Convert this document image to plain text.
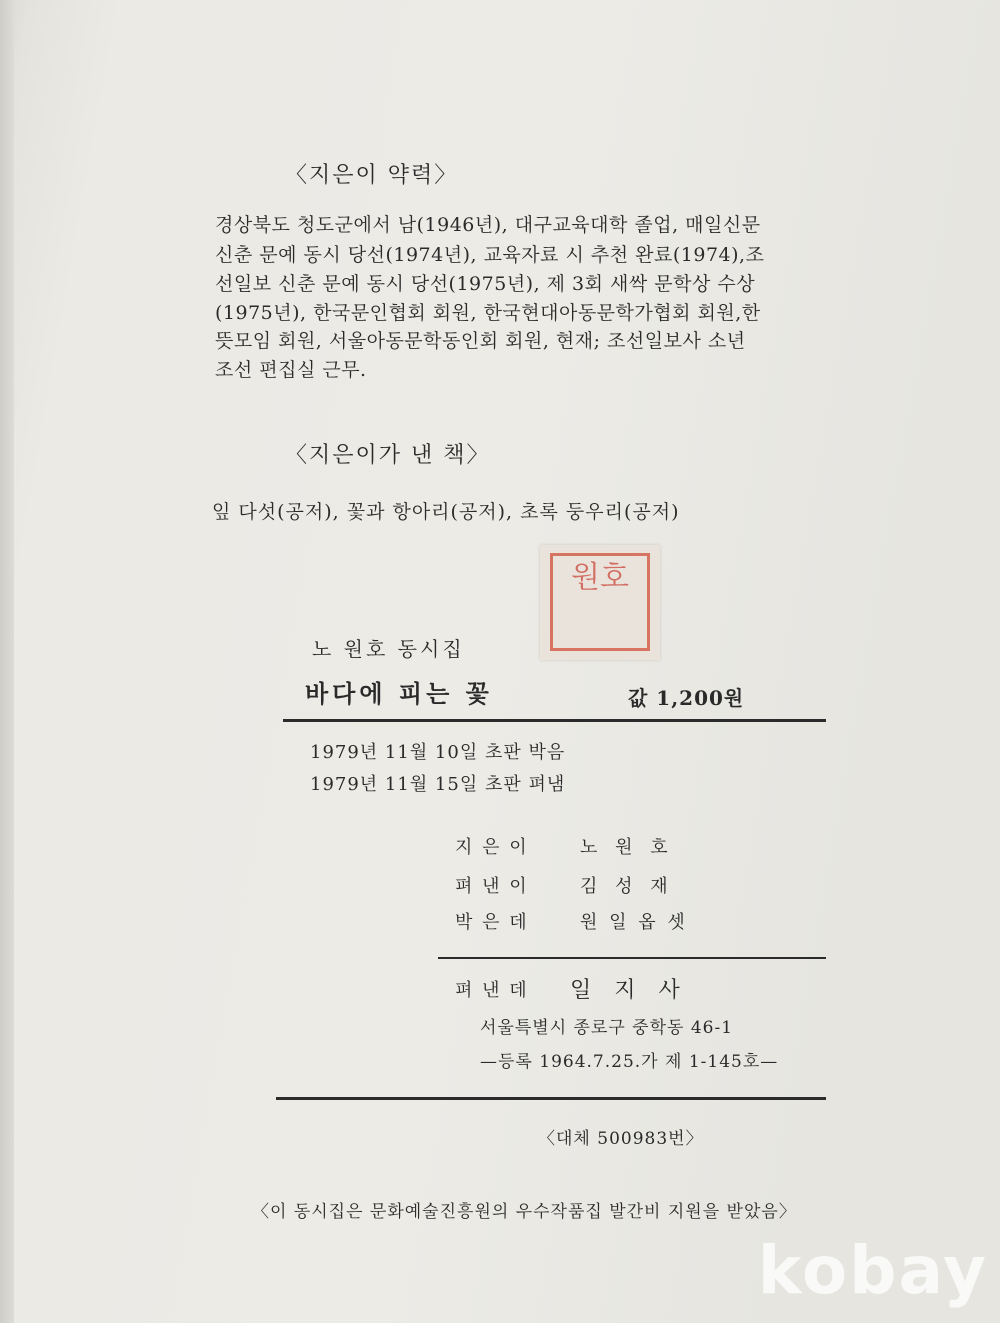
〈지은이 약력〉
경상북도 청도군에서 남(1946년), 대구교육대학 졸업, 매일신문
신춘 문예 동시 당선(1974년), 교육자료 시 추천 완료(1974),조
선일보 신춘 문예 동시 당선(1975년), 제 3회 새싹 문학상 수상
(1975년), 한국문인협회 회원, 한국현대아동문학가협회 회원,한
뜻모임 회원, 서울아동문학동인회 회원, 현재; 조선일보사 소년
조선 편집실 근무.
〈지은이가 낸 책〉
잎 다섯(공저), 꽃과 항아리(공저), 초록 둥우리(공저)
원호
노 원호 동시집
바다에 피는 꽃	값 1,200원
1979년 11월 10일 초판 박음
1979년 11월 15일 초판 펴냄
지 은 이	노 원 호
펴 낸 이	김 성 재
박 은 데	원 일 옵 셋
펴 낸 데 일 지 사
서울특별시 종로구 중학동 46-1
—등록 1964.7.25.가 제 1-145호—
〈대체 500983번〉
〈이 동시집은 문화예술진흥원의 우수작품집 발간비 지원을 받았음〉
kobay
